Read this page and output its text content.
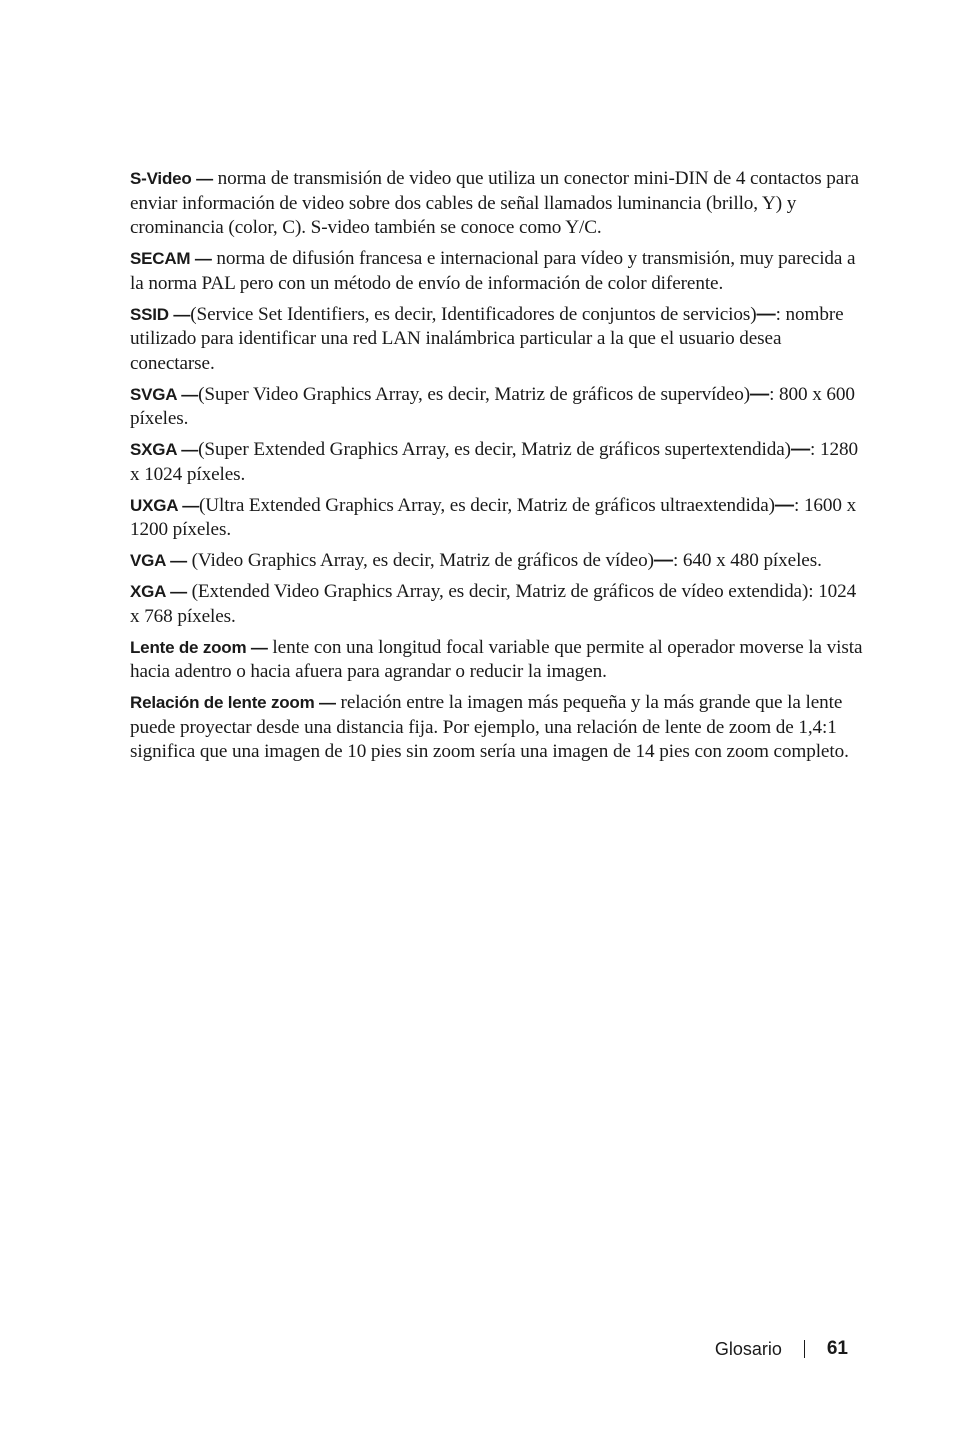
S-Video — norma de transmisión de video que utiliza un conector mini-DIN de 4 contactos para enviar información de video sobre dos cables de señal llamados luminancia (brillo, Y) y crominancia (color, C). S-video también se conoce como Y/C.

SECAM — norma de difusión francesa e internacional para vídeo y transmisión, muy parecida a la norma PAL pero con un método de envío de información de color diferente.

SSID —(Service Set Identifiers, es decir, Identificadores de conjuntos de servicios)—: nombre utilizado para identificar una red LAN inalámbrica particular a la que el usuario desea conectarse.

SVGA —(Super Video Graphics Array, es decir, Matriz de gráficos de supervídeo)—: 800 x 600 píxeles.

SXGA —(Super Extended Graphics Array, es decir, Matriz de gráficos supertextendida)—: 1280 x 1024 píxeles.

UXGA —(Ultra Extended Graphics Array, es decir, Matriz de gráficos ultraextendida)—: 1600 x 1200 píxeles.

VGA — (Video Graphics Array, es decir, Matriz de gráficos de vídeo)—: 640 x 480 píxeles.

XGA — (Extended Video Graphics Array, es decir, Matriz de gráficos de vídeo extendida): 1024 x 768 píxeles.

Lente de zoom — lente con una longitud focal variable que permite al operador moverse la vista hacia adentro o hacia afuera para agrandar o reducir la imagen.

Relación de lente zoom — relación entre la imagen más pequeña y la más grande que la lente puede proyectar desde una distancia fija. Por ejemplo, una relación de lente de zoom de 1,4:1 significa que una imagen de 10 pies sin zoom sería una imagen de 14 pies con zoom completo.

Glosario 61
